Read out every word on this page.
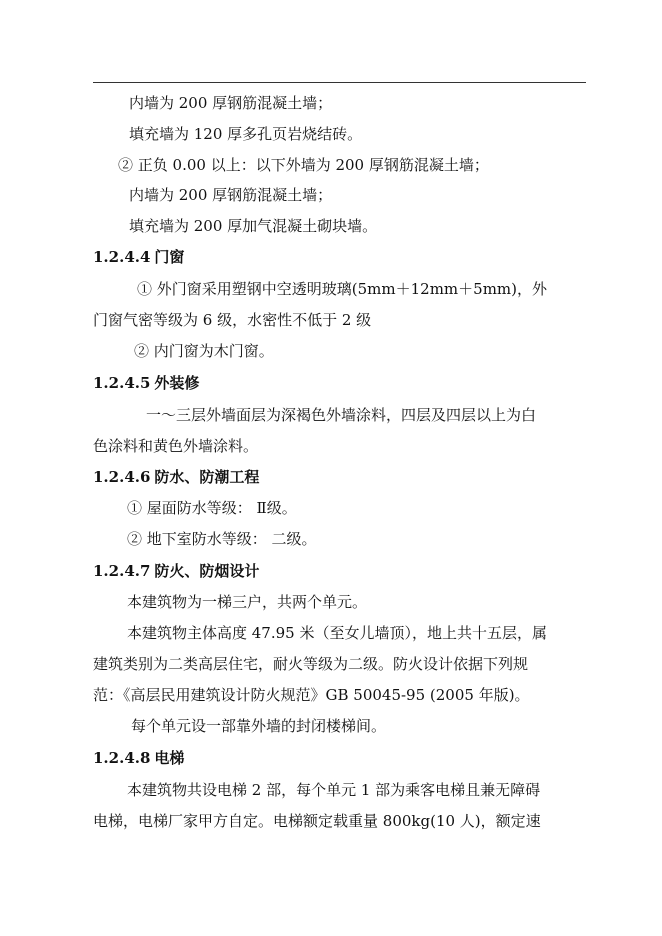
内墙为 200 厚钢筋混凝土墙；
填充墙为 120 厚多孔页岩烧结砖。
② 正负 0.00 以上：以下外墙为 200 厚钢筋混凝土墙；
内墙为 200 厚钢筋混凝土墙；
填充墙为 200 厚加气混凝土砌块墙。
1.2.4.4 门窗
① 外门窗采用塑钢中空透明玻璃(5mm＋12mm＋5mm)，外
门窗气密等级为 6 级，水密性不低于 2 级
② 内门窗为木门窗。
1.2.4.5 外装修
一～三层外墙面层为深褐色外墙涂料，四层及四层以上为白
色涂料和黄色外墙涂料。
1.2.4.6 防水、防潮工程
① 屋面防水等级： Ⅱ级。
② 地下室防水等级： 二级。
1.2.4.7 防火、防烟设计
本建筑物为一梯三户，共两个单元。
本建筑物主体高度 47.95 米（至女儿墙顶），地上共十五层，属
建筑类别为二类高层住宅，耐火等级为二级。防火设计依据下列规
范：《高层民用建筑设计防火规范》GB 50045-95 (2005 年版)。
每个单元设一部靠外墙的封闭楼梯间。
1.2.4.8 电梯
本建筑物共设电梯 2 部，每个单元 1 部为乘客电梯且兼无障碍
电梯，电梯厂家甲方自定。电梯额定载重量 800kg(10 人)，额定速
